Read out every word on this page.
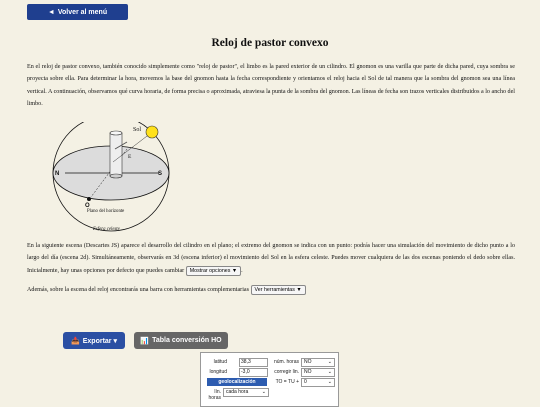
◄ Volver al menú
Reloj de pastor convexo

En el reloj de pastor convexo, también conocido simplemente como "reloj de pastor", el limbo es la pared exterior de un cilindro. El gnomon es una varilla que parte de dicha pared, cuya sombra se proyecta sobre ella. Para determinar la hora, movemos la base del gnomon hasta la fecha correspondiente y orientamos el reloj hacia el Sol de tal manera que la sombra del gnomon sea una línea vertical. A continuación, observamos qué curva horaria, de forma precisa o aproximada, atraviesa la punta de la sombra del gnomon. Las líneas de fecha son trazos verticales distribuidos a lo ancho del limbo.

Sol
E
N	S
O
Plano del horizonte
Esfera celeste

En la siguiente escena (Descartes JS) aparece el desarrollo del cilindro en el plano; el extremo del gnomon se indica con un punto: podrás hacer una simulación del movimiento de dicho punto a lo largo del día (escena 2d). Simultáneamente, observarás en 3d (escena inferior) el movimiento del Sol en la esfera celeste. Puedes mover cualquiera de las dos escenas poniendo el dedo sobre ellas. Inicialmente, hay unas opciones por defecto que puedes cambiar Mostrar opciones ▼ .

Además, sobre la escena del reloj encontrarás una barra con herramientas complementarias Ver herramientas ▼

📥 Exportar ▾	📊 Tabla conversión HO
latitud	38,3
longitud	-3,0
geolocalización
lín. horas
cada hora	⌄
núm. horas NO	⌄
corregir lin. NO	⌄
TO = TU + 0	⌄
